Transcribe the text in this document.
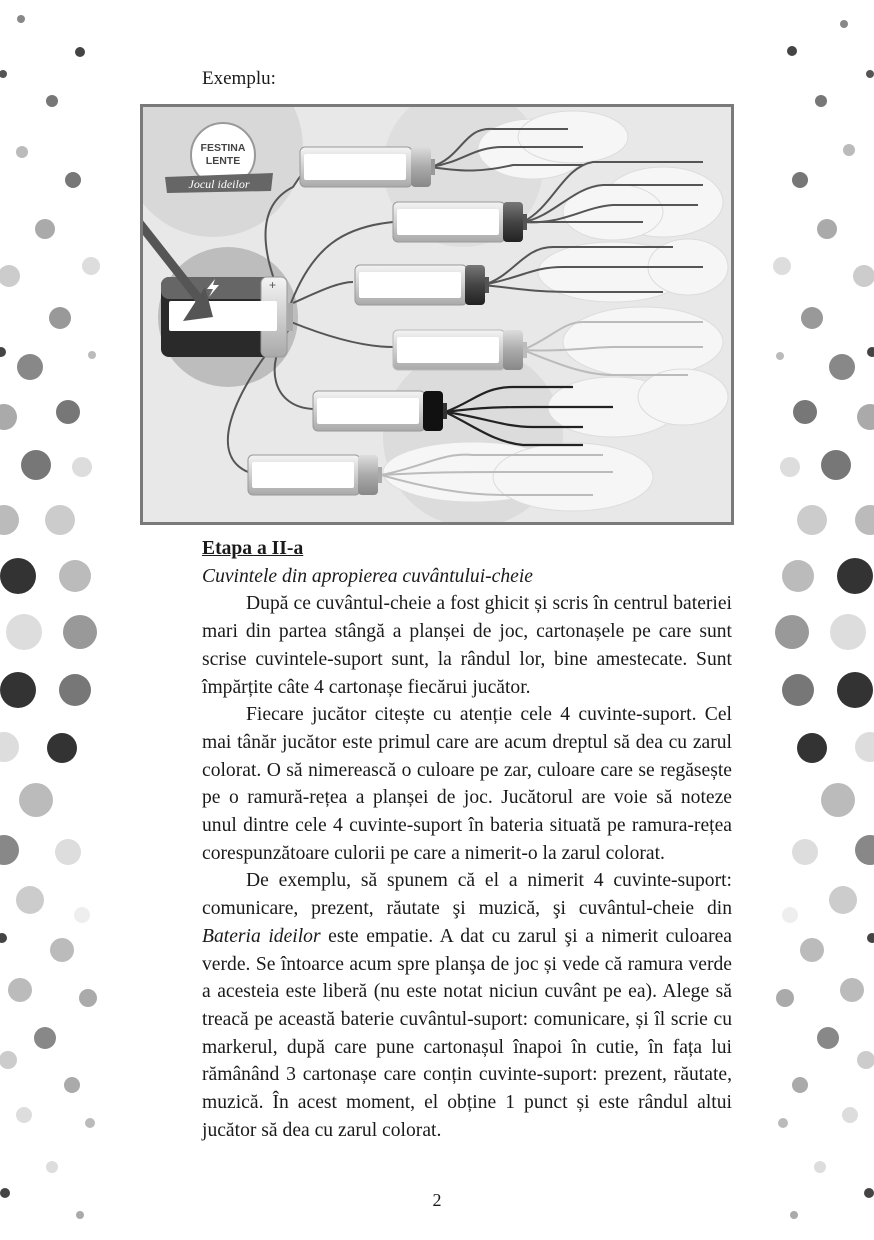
Exemplu:
FESTINA
LENTE
Jocul ideilor
+

Etapa a II-a

Cuvintele din apropierea cuvântului-cheie

După ce cuvântul-cheie a fost ghicit și scris în centrul bateriei mari din partea stângă a planșei de joc, cartonașele pe care sunt scrise cuvintele-suport sunt, la rândul lor, bine amestecate. Sunt împărțite câte 4 cartonașe fiecărui jucător.

Fiecare jucător citește cu atenție cele 4 cuvinte-suport. Cel mai tânăr jucător este primul care are acum dreptul să dea cu zarul colorat. O să nimerească o culoare pe zar, culoare care se regăsește pe o ramură-rețea a planșei de joc. Jucătorul are voie să noteze unul dintre cele 4 cuvinte-suport în bateria situată pe ramura-rețea corespunzătoare culorii pe care a nimerit-o la zarul colorat.

De exemplu, să spunem că el a nimerit 4 cuvinte-suport: comunicare, prezent, răutate şi muzică, şi cuvântul-cheie din Bateria ideilor este empatie. A dat cu zarul şi a nimerit culoarea verde. Se întoarce acum spre planşa de joc și vede că ramura verde a acesteia este liberă (nu este notat niciun cuvânt pe ea). Alege să treacă pe această baterie cuvântul-suport: comunicare, și îl scrie cu markerul, după care pune cartonașul înapoi în cutie, în fața lui rămânând 3 cartonașe care conțin cuvinte-suport: prezent, răutate, muzică. În acest moment, el obține 1 punct și este rândul altui jucător să dea cu zarul colorat.

2
